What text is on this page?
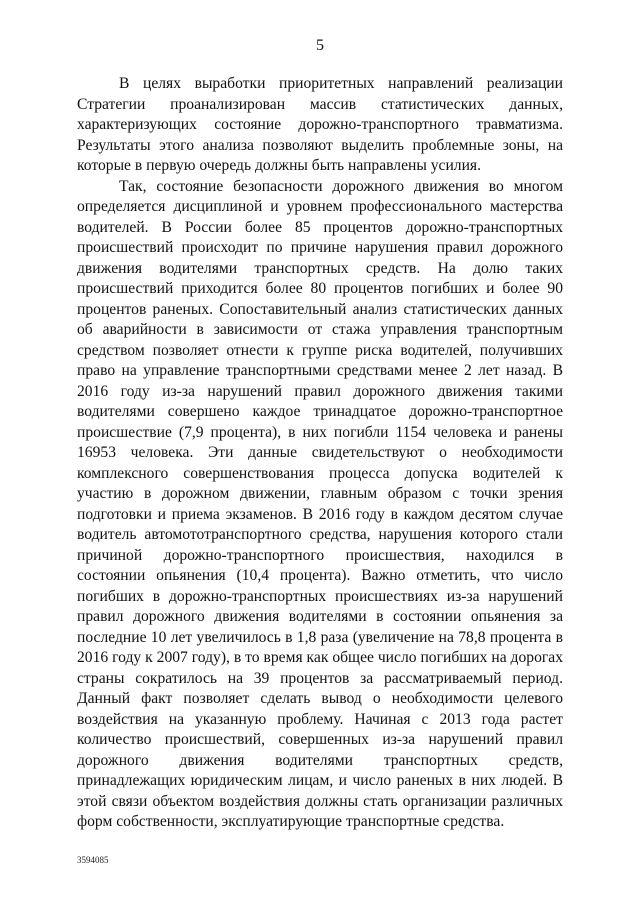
5

В целях выработки приоритетных направлений реализации Стратегии проанализирован массив статистических данных, характеризующих состояние дорожно-транспортного травматизма. Результаты этого анализа позволяют выделить проблемные зоны, на которые в первую очередь должны быть направлены усилия.

Так, состояние безопасности дорожного движения во многом определяется дисциплиной и уровнем профессионального мастерства водителей. В России более 85 процентов дорожно-транспортных происшествий происходит по причине нарушения правил дорожного движения водителями транспортных средств. На долю таких происшествий приходится более 80 процентов погибших и более 90 процентов раненых. Сопоставительный анализ статистических данных об аварийности в зависимости от стажа управления транспортным средством позволяет отнести к группе риска водителей, получивших право на управление транспортными средствами менее 2 лет назад. В 2016 году из-за нарушений правил дорожного движения такими водителями совершено каждое тринадцатое дорожно-транспортное происшествие (7,9 процента), в них погибли 1154 человека и ранены 16953 человека. Эти данные свидетельствуют о необходимости комплексного совершенствования процесса допуска водителей к участию в дорожном движении, главным образом с точки зрения подготовки и приема экзаменов. В 2016 году в каждом десятом случае водитель автомототранспортного средства, нарушения которого стали причиной дорожно-транспортного происшествия, находился в состоянии опьянения (10,4 процента). Важно отметить, что число погибших в дорожно-транспортных происшествиях из-за нарушений правил дорожного движения водителями в состоянии опьянения за последние 10 лет увеличилось в 1,8 раза (увеличение на 78,8 процента в 2016 году к 2007 году), в то время как общее число погибших на дорогах страны сократилось на 39 процентов за рассматриваемый период. Данный факт позволяет сделать вывод о необходимости целевого воздействия на указанную проблему. Начиная с 2013 года растет количество происшествий, совершенных из-за нарушений правил дорожного движения водителями транспортных средств, принадлежащих юридическим лицам, и число раненых в них людей. В этой связи объектом воздействия должны стать организации различных форм собственности, эксплуатирующие транспортные средства.

3594085
